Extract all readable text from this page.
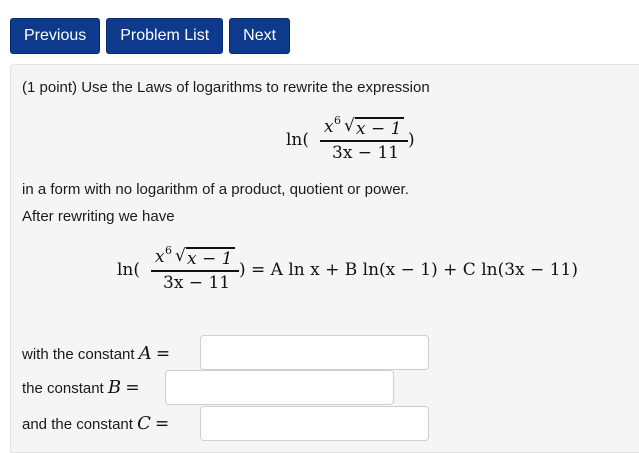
Previous	Problem List	Next
(1 point) Use the Laws of logarithms to rewrite the expression
ln(
x 6 √ x − 1
3x − 11
)
in a form with no logarithm of a product, quotient or power.
After rewriting we have
ln(
x 6 √ x − 1
3x − 11
) = A ln x + B ln(x − 1) + C ln(3x − 11)
with the constant A =
the constant B =
and the constant C =
